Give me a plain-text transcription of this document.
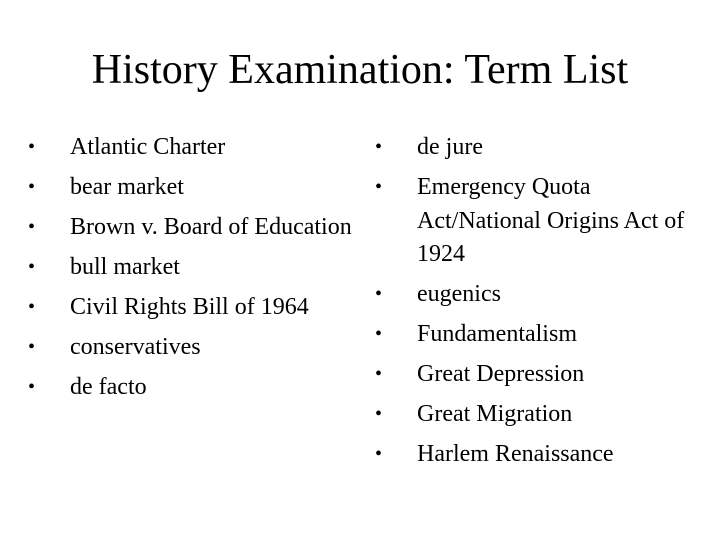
History Examination: Term List
•	Atlantic Charter
•	bear market
•	Brown v. Board of Education
•	bull market
•	Civil Rights Bill of 1964
•	conservatives
•	de facto
•	de jure
•	Emergency Quota Act/National Origins Act of 1924
•	eugenics
•	Fundamentalism
•	Great Depression
•	Great Migration
•	Harlem Renaissance
